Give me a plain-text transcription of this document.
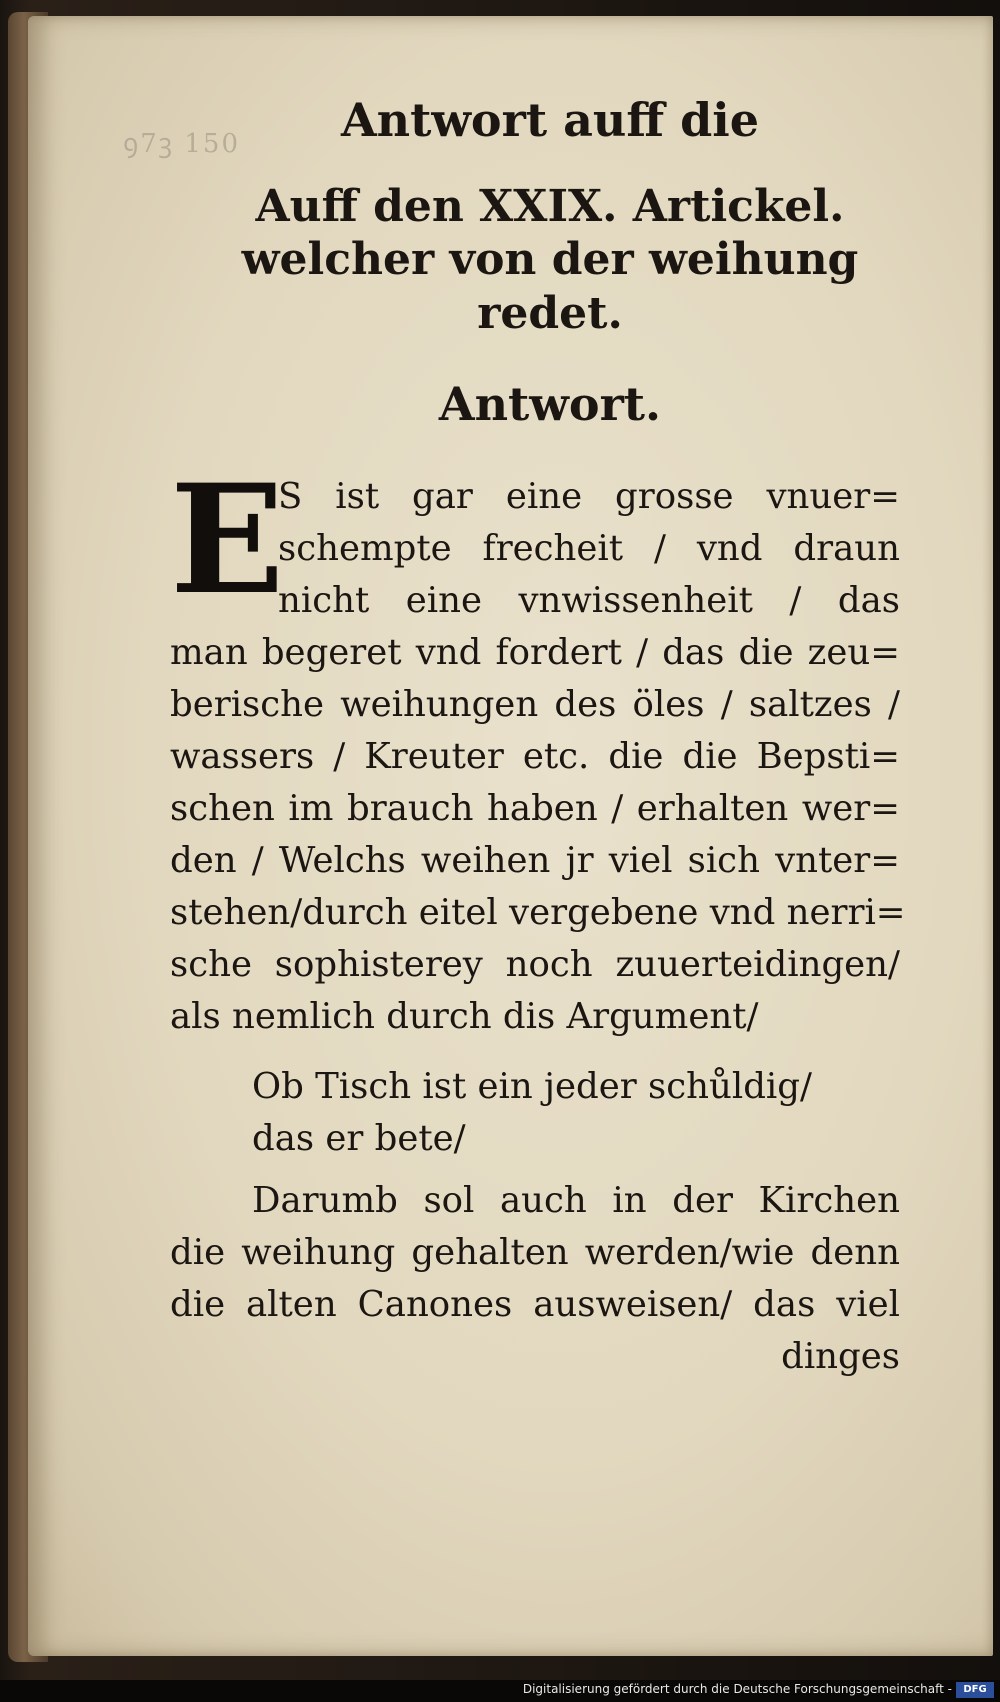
ꝯ7ꝫ 150	Antwort auff die
Auff den XXIX. Artickel.
welcher von der weihung
redet.
Antwort.
E
S ist gar eine grosse vnuer=
schempte frecheit / vnd draun
nicht eine vnwissenheit / das
man begeret vnd fordert / das die zeu=
berische weihungen des öles / saltzes /
wassers / Kreuter etc. die die Bepsti=
schen im brauch haben / erhalten wer=
den / Welchs weihen jr viel sich vnter=
stehen/durch eitel vergebene vnd nerri=
sche sophisterey noch zuuerteidingen/
als nemlich durch dis Argument/
Ob Tisch ist ein jeder schůldig/
das er bete/
Darumb sol auch in der Kirchen
die weihung gehalten werden/wie denn
die alten Canones ausweisen/ das viel
dinges
Digitalisierung gefördert durch die Deutsche Forschungsgemeinschaft -	DFG
